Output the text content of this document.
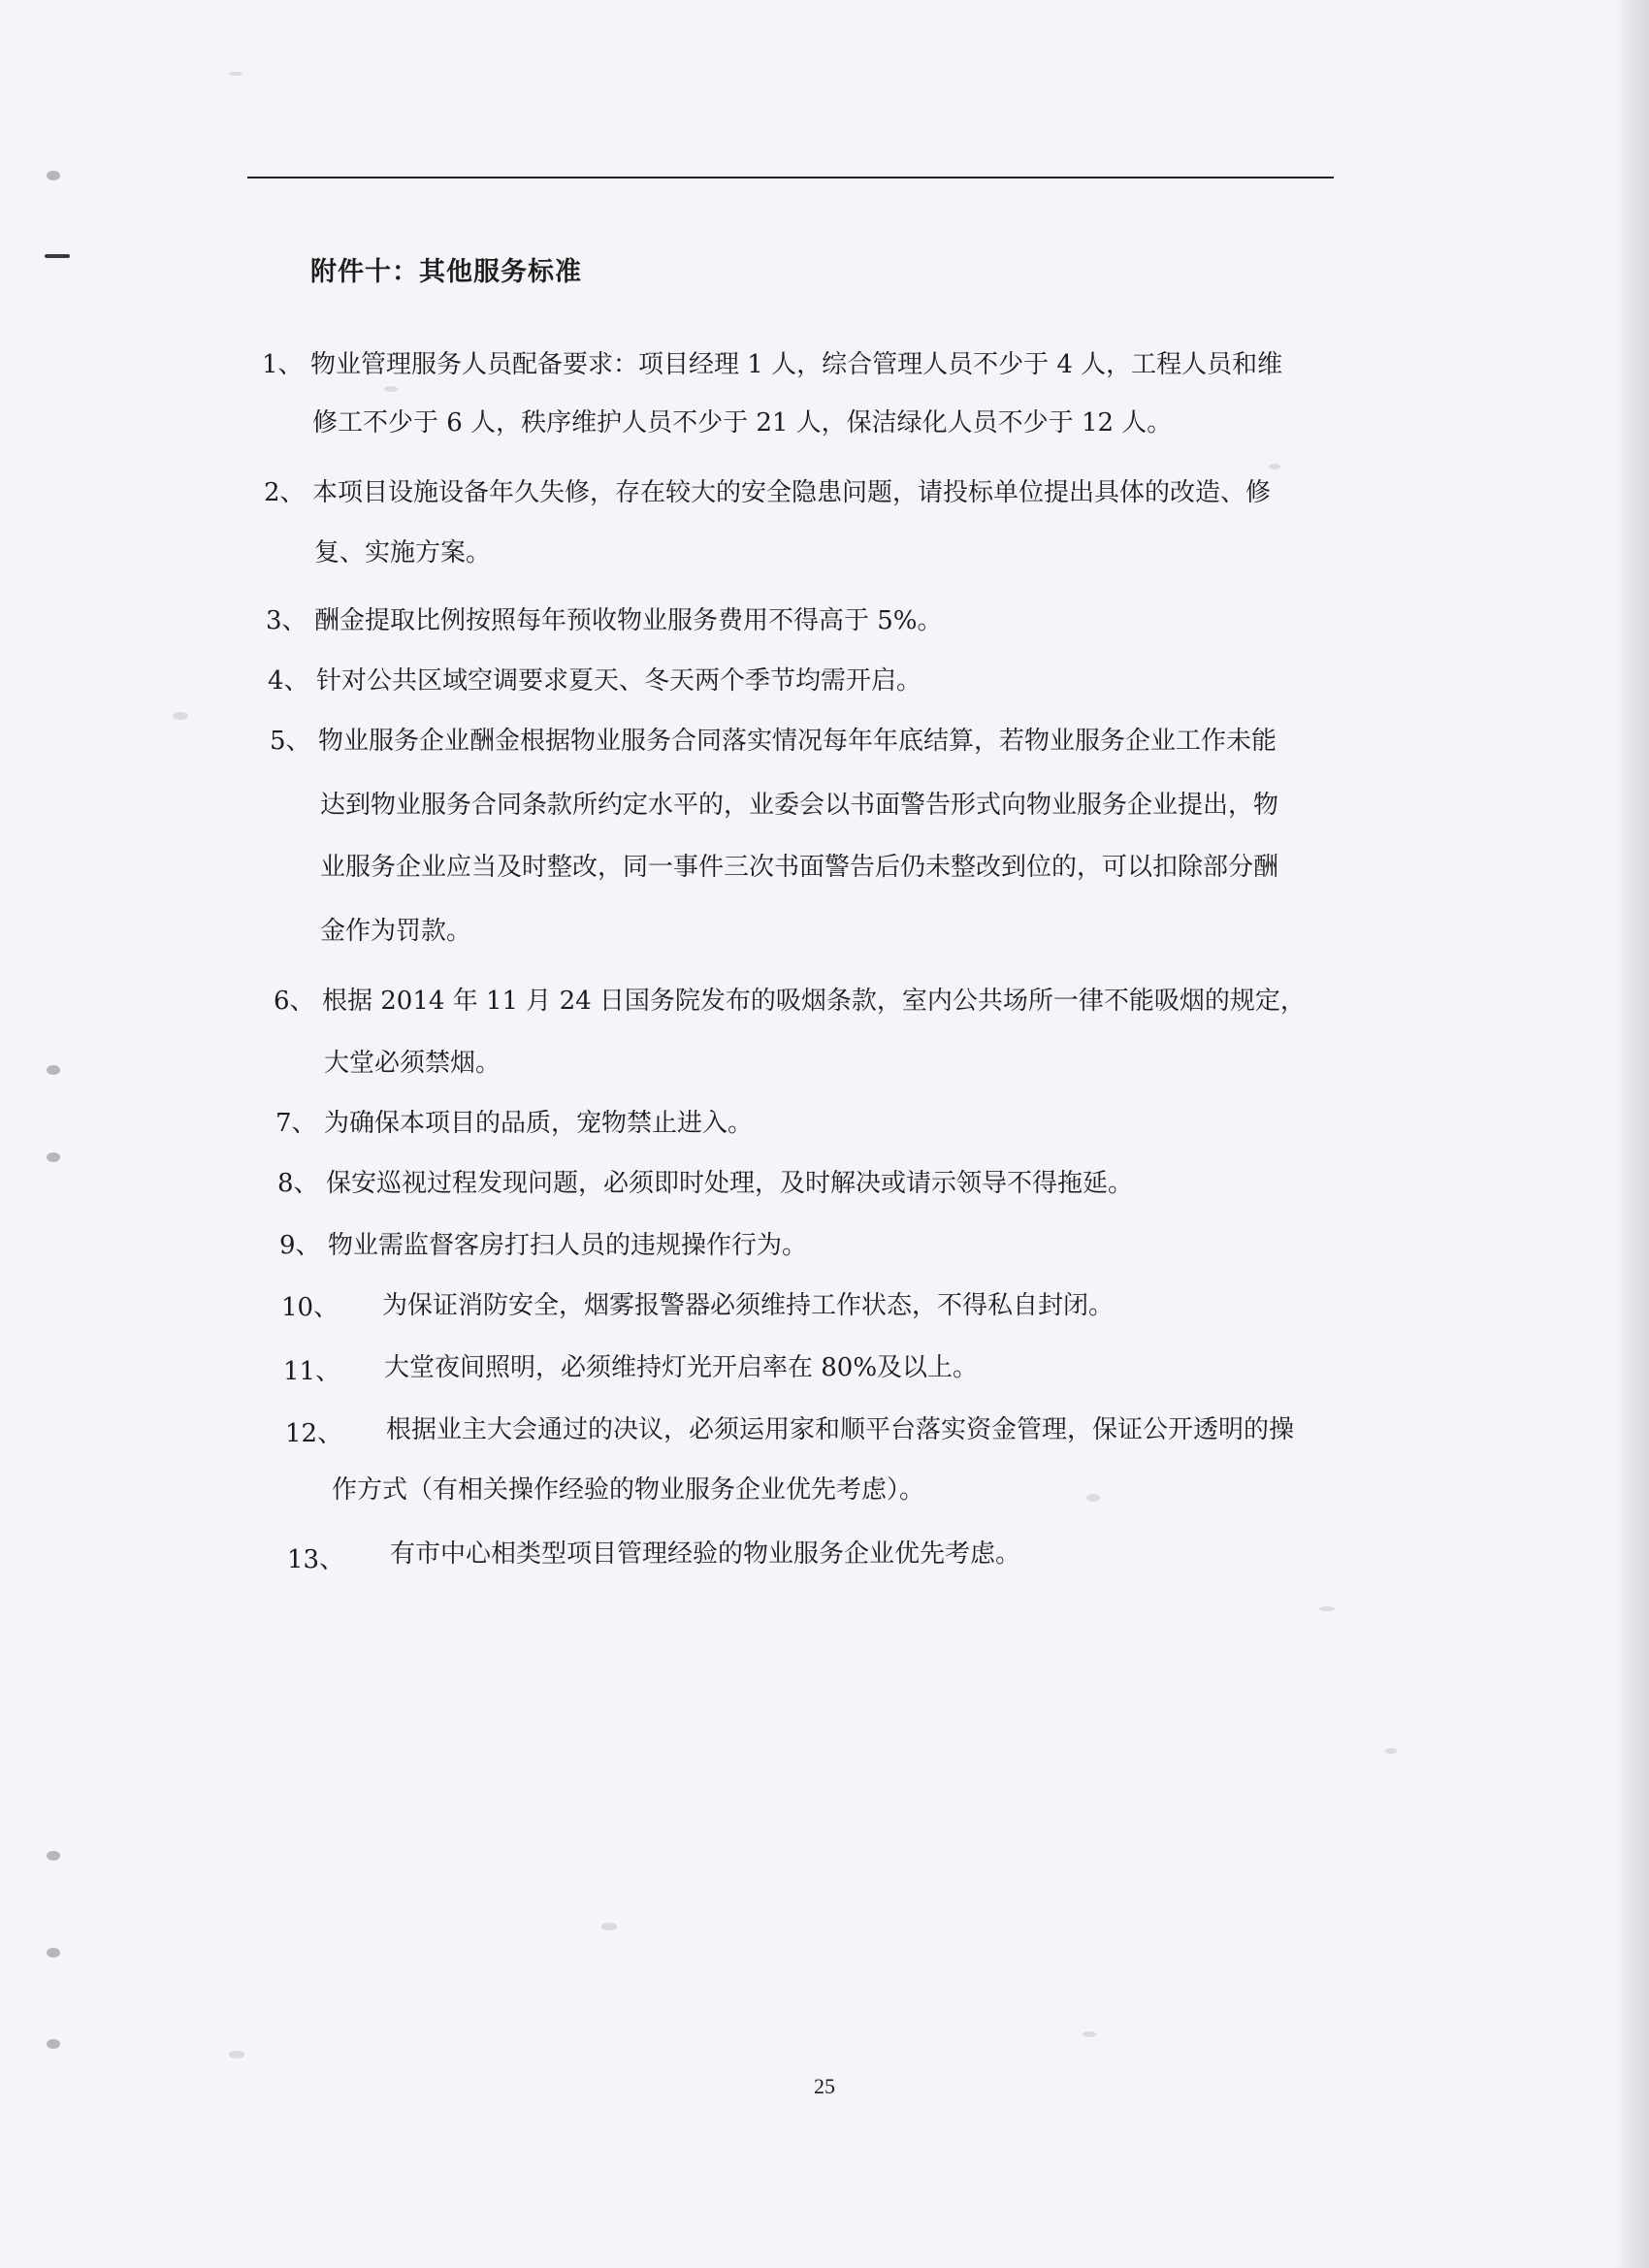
附件十：其他服务标准
1、 物业管理服务人员配备要求：项目经理 1 人，综合管理人员不少于 4 人，工程人员和维
修工不少于 6 人，秩序维护人员不少于 21 人，保洁绿化人员不少于 12 人。
2、 本项目设施设备年久失修，存在较大的安全隐患问题，请投标单位提出具体的改造、修
复、实施方案。
3、 酬金提取比例按照每年预收物业服务费用不得高于 5%。
4、 针对公共区域空调要求夏天、冬天两个季节均需开启。
5、 物业服务企业酬金根据物业服务合同落实情况每年年底结算，若物业服务企业工作未能
达到物业服务合同条款所约定水平的，业委会以书面警告形式向物业服务企业提出，物
业服务企业应当及时整改，同一事件三次书面警告后仍未整改到位的，可以扣除部分酬
金作为罚款。
6、 根据 2014 年 11 月 24 日国务院发布的吸烟条款，室内公共场所一律不能吸烟的规定，
大堂必须禁烟。
7、 为确保本项目的品质，宠物禁止进入。
8、 保安巡视过程发现问题，必须即时处理，及时解决或请示领导不得拖延。
9、 物业需监督客房打扫人员的违规操作行为。
10、 为保证消防安全，烟雾报警器必须维持工作状态，不得私自封闭。
11、 大堂夜间照明，必须维持灯光开启率在 80%及以上。
12、 根据业主大会通过的决议，必须运用家和顺平台落实资金管理，保证公开透明的操
作方式（有相关操作经验的物业服务企业优先考虑）。
13、 有市中心相类型项目管理经验的物业服务企业优先考虑。
25
